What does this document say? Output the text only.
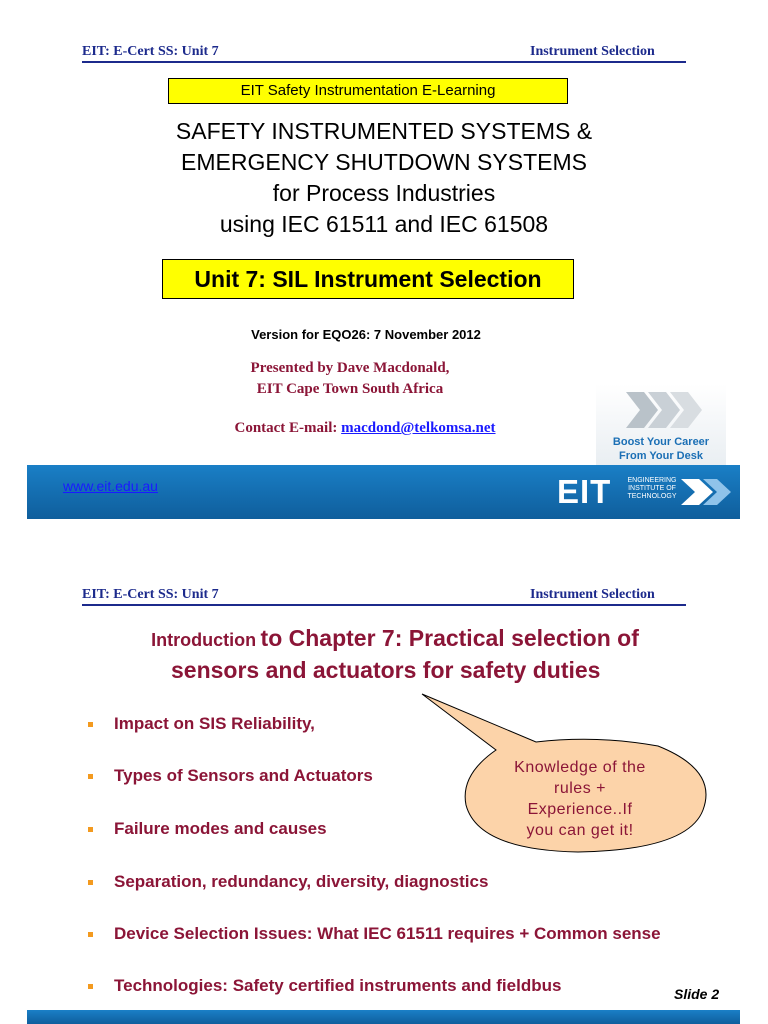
EIT: E-Cert SS: Unit 7	Instrument Selection
EIT Safety Instrumentation E-Learning
SAFETY INSTRUMENTED SYSTEMS &
EMERGENCY SHUTDOWN SYSTEMS
for Process Industries
using IEC 61511 and IEC 61508
Unit 7: SIL Instrument Selection
Version for EQO26: 7 November 2012
Presented by Dave Macdonald,
EIT Cape Town South Africa
Contact E-mail: macdond@telkomsa.net
Boost Your Career
From Your Desk
www.eit.edu.au	EIT	ENGINEERING
INSTITUTE OF
TECHNOLOGY
EIT: E-Cert SS: Unit 7	Instrument Selection
Introduction to Chapter 7: Practical selection of
sensors and actuators for safety duties
Knowledge of the
rules +
Experience..If
you can get it!
Impact on SIS Reliability,
Types of Sensors and Actuators
Failure modes and causes
Separation, redundancy, diversity, diagnostics
Device Selection Issues: What IEC 61511 requires + Common sense
Technologies: Safety certified instruments and fieldbus	Slide 2
